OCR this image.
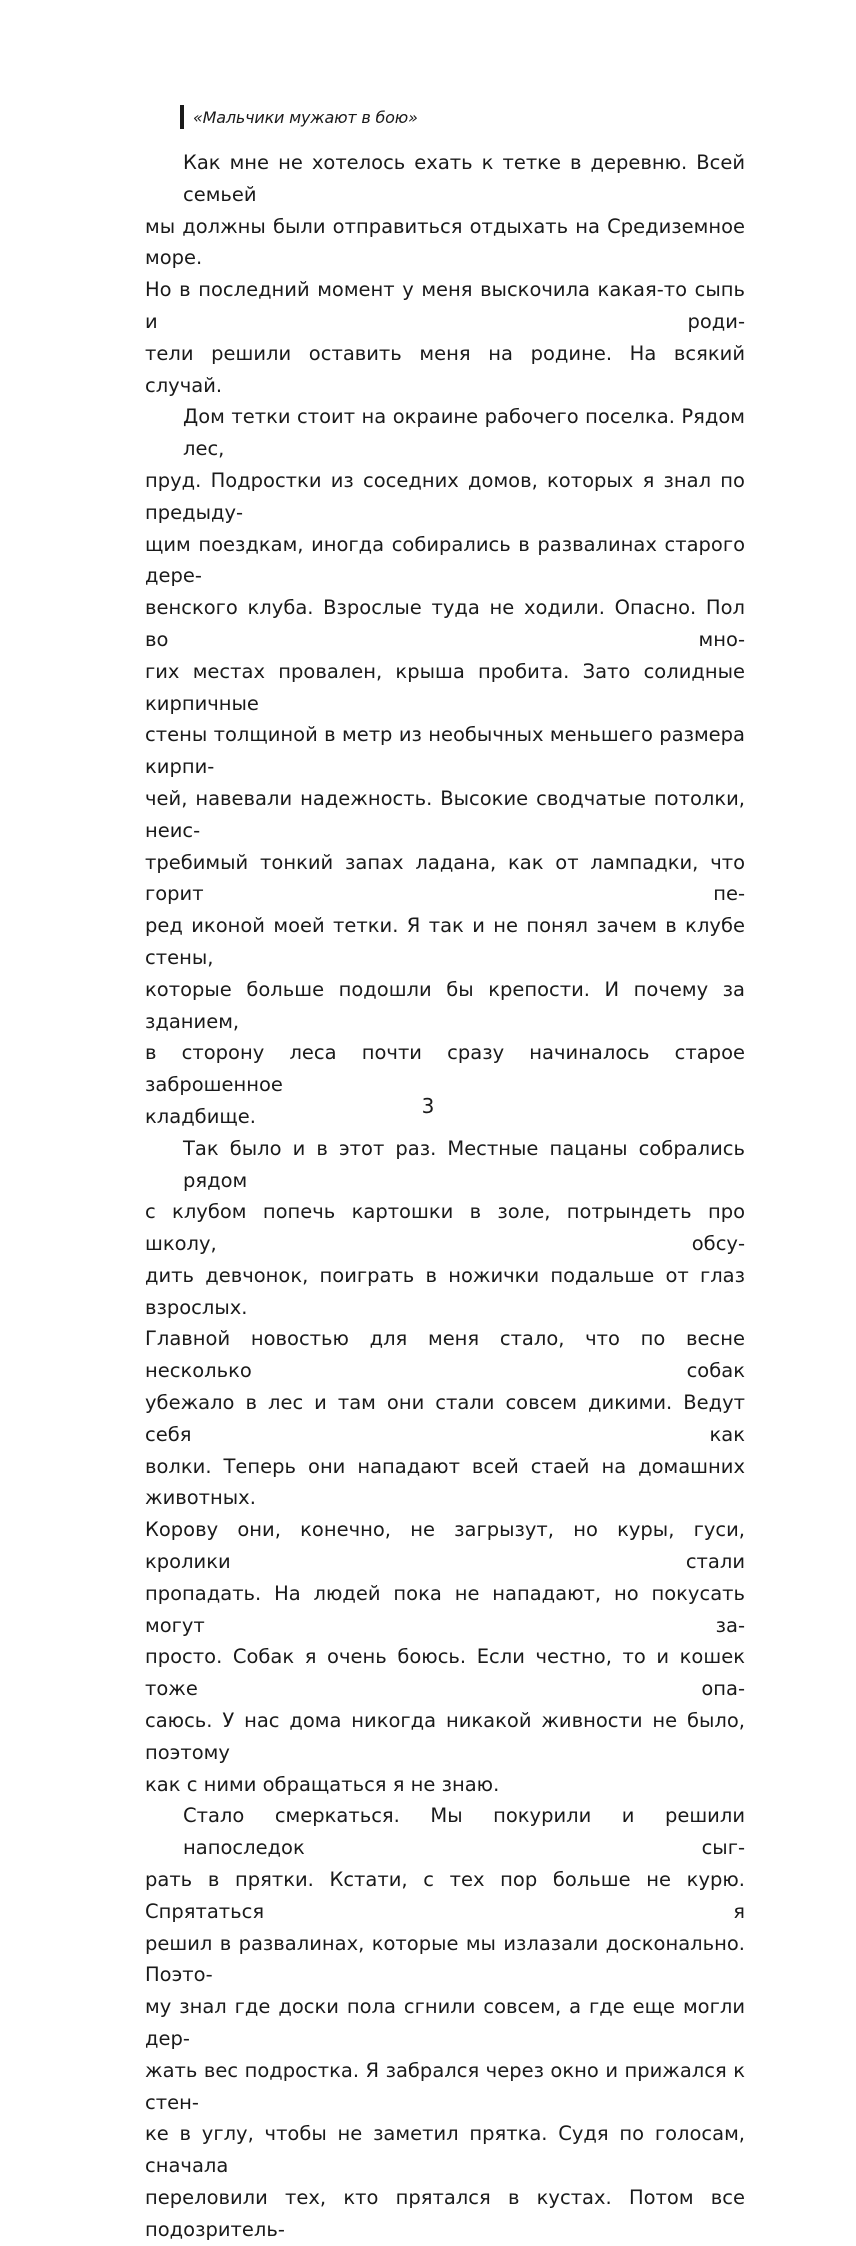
«Мальчики мужают в бою»

Как мне не хотелось ехать к тетке в деревню. Всей семьей
мы должны были отправиться отдыхать на Средиземное море.
Но в последний момент у меня выскочила какая-то сыпь и роди-
тели решили оставить меня на родине. На всякий случай.

Дом тетки стоит на окраине рабочего поселка. Рядом лес,
пруд. Подростки из соседних домов, которых я знал по предыду-
щим поездкам, иногда собирались в развалинах старого дере-
венского клуба. Взрослые туда не ходили. Опасно. Пол во мно-
гих местах провален, крыша пробита. Зато солидные кирпичные
стены толщиной в метр из необычных меньшего размера кирпи-
чей, навевали надежность. Высокие сводчатые потолки, неис-
требимый тонкий запах ладана, как от лампадки, что горит пе-
ред иконой моей тетки. Я так и не понял зачем в клубе стены,
которые больше подошли бы крепости. И почему за зданием,
в сторону леса почти сразу начиналось старое заброшенное
кладбище.

Так было и в этот раз. Местные пацаны собрались рядом
с клубом попечь картошки в золе, потрындеть про школу, обсу-
дить девчонок, поиграть в ножички подальше от глаз взрослых.
Главной новостью для меня стало, что по весне несколько собак
убежало в лес и там они стали совсем дикими. Ведут себя как
волки. Теперь они нападают всей стаей на домашних животных.
Корову они, конечно, не загрызут, но куры, гуси, кролики стали
пропадать. На людей пока не нападают, но покусать могут за-
просто. Собак я очень боюсь. Если честно, то и кошек тоже опа-
саюсь. У нас дома никогда никакой живности не было, поэтому
как с ними обращаться я не знаю.

Стало смеркаться. Мы покурили и решили напоследок сыг-
рать в прятки. Кстати, с тех пор больше не курю. Спрятаться я
решил в развалинах, которые мы излазали досконально. Поэто-
му знал где доски пола сгнили совсем, а где еще могли дер-
жать вес подростка. Я забрался через окно и прижался к стен-
ке в углу, чтобы не заметил прятка. Судя по голосам, сначала
переловили тех, кто прятался в кустах. Потом все подозритель-

3
